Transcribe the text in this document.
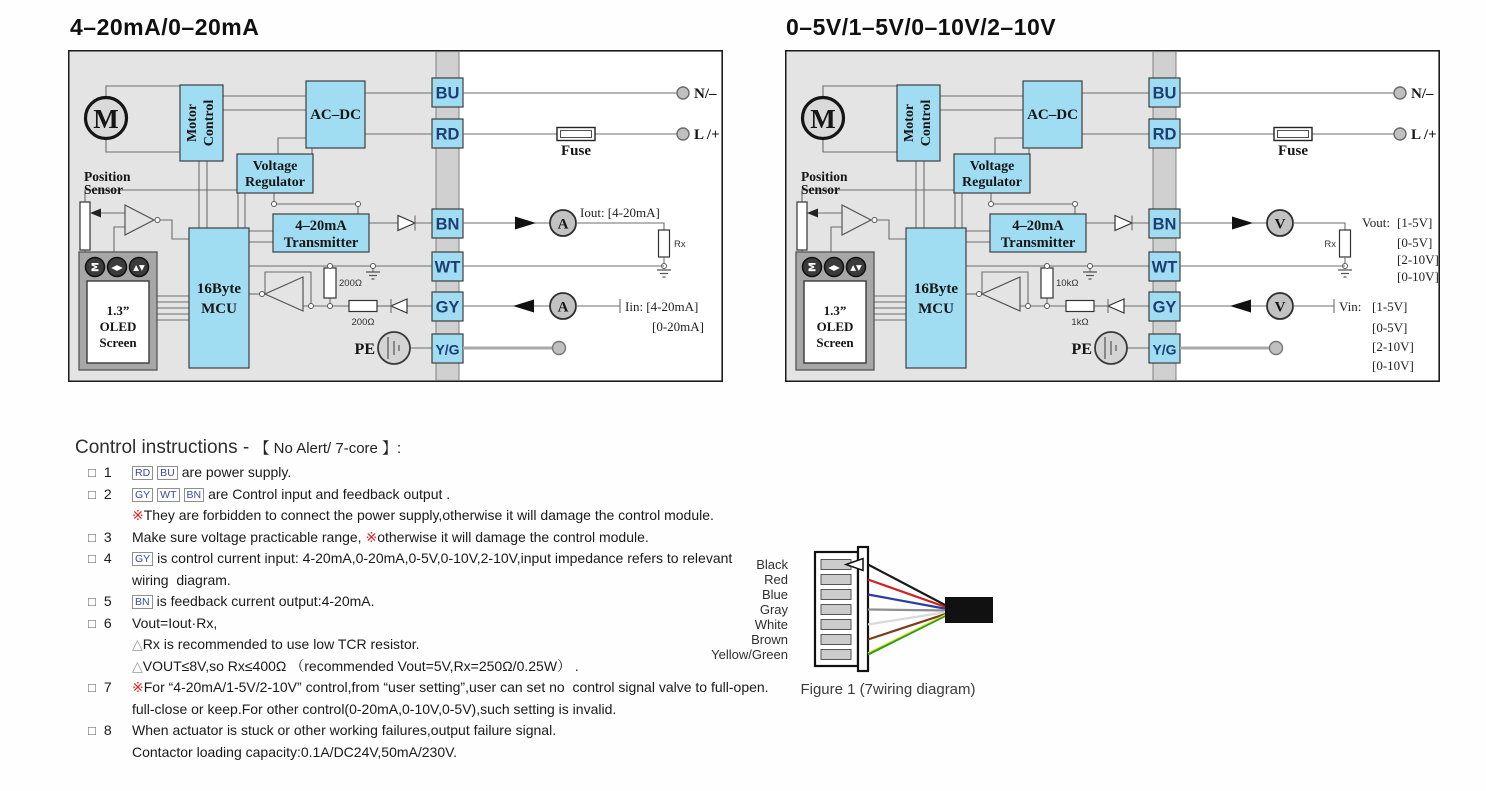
4–20mA/0–20mA	0–5V/1–5V/0–10V/2–10V
200Ω
200Ω
M	Motor Control	AC–DC
Voltage
Regulator
4–20mA
Transmitter
16Byte
MCU
Position
Sensor
M ◀▶ ▲▼
1.3”
OLED
Screen	PE
BU
RD
BN
WT
GY
Y/G
N/–
L /+
Fuse
A
Iout: [4-20mA]
Rx
A	Iin: [4-20mA]
[0-20mA]
10kΩ
1kΩ
M	Motor Control	AC–DC
Voltage
Regulator
4–20mA
Transmitter
16Byte
MCU
Position
Sensor
M ◀▶ ▲▼
1.3”
OLED
Screen	PE
BU
RD
BN
WT
GY
Y/G
N/–
L /+
Fuse
V
Rx
Vout: [1-5V]
[0-5V]
[2-10V]
[0-10V]
V	Vin: [1-5V]
[0-5V]
[2-10V]
[0-10V]
Control instructions - 【 No Alert/ 7-core 】:
□ 1 RD BU are power supply.
□ 2 GY WT BN are Control input and feedback output .
※They are forbidden to connect the power supply,otherwise it will damage the control module.
□ 3 Make sure voltage practicable range, ※otherwise it will damage the control module.
□ 4 GY is control current input: 4-20mA,0-20mA,0-5V,0-10V,2-10V,input impedance refers to relevant
wiring  diagram.
□ 5 BN is feedback current output:4-20mA.
□ 6 Vout=Iout·Rx,
△Rx is recommended to use low TCR resistor.
△VOUT≤8V,so Rx≤400Ω （recommended Vout=5V,Rx=250Ω/0.25W） .
□ 7 ※For “4-20mA/1-5V/2-10V” control,from “user setting”,user can set no  control signal valve to full-open.
full-close or keep.For other control(0-20mA,0-10V,0-5V),such setting is invalid.
□ 8 When actuator is stuck or other working failures,output failure signal.
Contactor loading capacity:0.1A/DC24V,50mA/230V.
Black
Red
Blue
Gray
White
Brown
Yellow/Green
Figure 1 (7wiring diagram)
